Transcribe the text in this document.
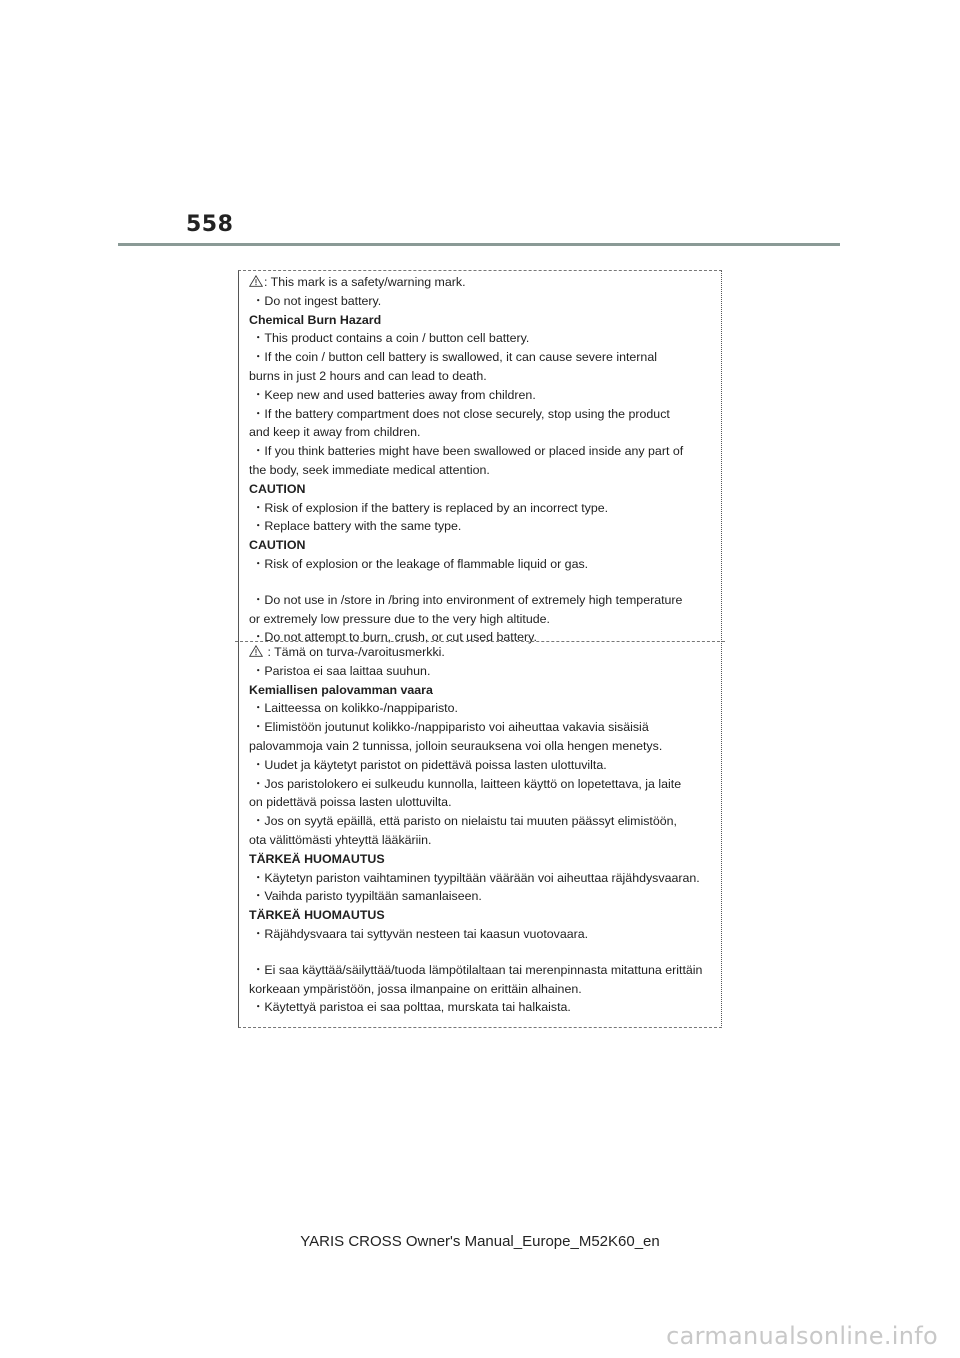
558
: This mark is a safety/warning mark.
・Do not ingest battery.
Chemical Burn Hazard
・This product contains a coin / button cell battery.
・If the coin / button cell battery is swallowed, it can cause severe internal
burns in just 2 hours and can lead to death.
・Keep new and used batteries away from children.
・If the battery compartment does not close securely, stop using the product
and keep it away from children.
・If you think batteries might have been swallowed or placed inside any part of
the body, seek immediate medical attention.
CAUTION
・Risk of explosion if the battery is replaced by an incorrect type.
・Replace battery with the same type.
CAUTION
・Risk of explosion or the leakage of flammable liquid or gas.
・Do not use in /store in /bring into environment of extremely high temperature
or extremely low pressure due to the very high altitude.
・Do not attempt to burn, crush, or cut used battery.
: Tämä on turva-/varoitusmerkki.
・Paristoa ei saa laittaa suuhun.
Kemiallisen palovamman vaara
・Laitteessa on kolikko-/nappiparisto.
・Elimistöön joutunut kolikko-/nappiparisto voi aiheuttaa vakavia sisäisiä
palovammoja vain 2 tunnissa, jolloin seurauksena voi olla hengen menetys.
・Uudet ja käytetyt paristot on pidettävä poissa lasten ulottuvilta.
・Jos paristolokero ei sulkeudu kunnolla, laitteen käyttö on lopetettava, ja laite
on pidettävä poissa lasten ulottuvilta.
・Jos on syytä epäillä, että paristo on nielaistu tai muuten päässyt elimistöön,
ota välittömästi yhteyttä lääkäriin.
TÄRKEÄ HUOMAUTUS
・Käytetyn pariston vaihtaminen tyypiltään väärään voi aiheuttaa räjähdysvaaran.
・Vaihda paristo tyypiltään samanlaiseen.
TÄRKEÄ HUOMAUTUS
・Räjähdysvaara tai syttyvän nesteen tai kaasun vuotovaara.
・Ei saa käyttää/säilyttää/tuoda lämpötilaltaan tai merenpinnasta mitattuna erittäin
korkeaan ympäristöön, jossa ilmanpaine on erittäin alhainen.
・Käytettyä paristoa ei saa polttaa, murskata tai halkaista.
YARIS CROSS Owner's Manual_Europe_M52K60_en
carmanualsonline.info
